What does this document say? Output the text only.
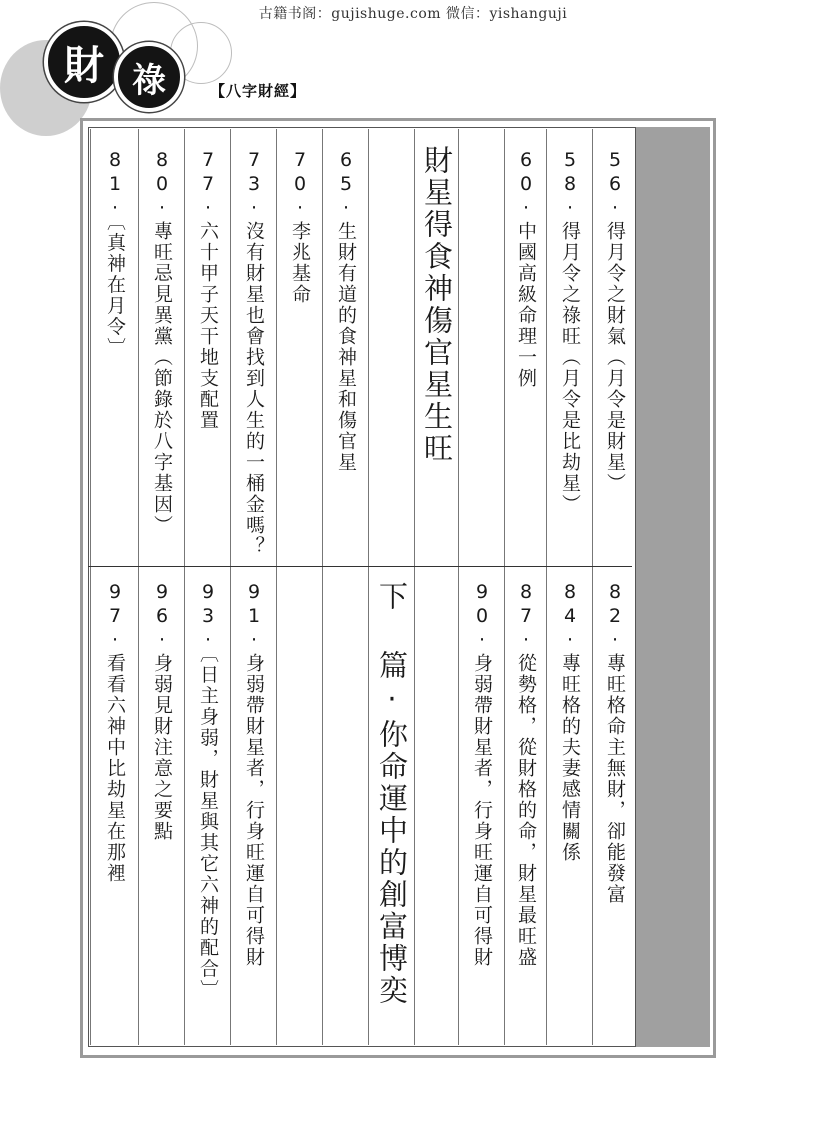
古籍书阁：gujishuge.com 微信：yishanguji
財 祿	【八字財經】
56·得月令之財氣（月令是財星）
82·專旺格命主無財，卻能發富
58·得月令之祿旺（月令是比劫星）
84·專旺格的夫妻感情關係
60·中國高級命理一例
87·從勢格，從財格的命，財星最旺盛
90·身弱帶財星者，行身旺運自可得財
財星得食神傷官星生旺
下 篇·你命運中的創富博奕
65·生財有道的食神星和傷官星
70·李兆基命
73·沒有財星也會找到人生的一桶金嗎？
91·身弱帶財星者，行身旺運自可得財
77·六十甲子天干地支配置
93·〔日主身弱，財星與其它六神的配合〕
80·專旺忌見異黨（節錄於八字基因）
96·身弱見財注意之要點
81·〔真神在月令〕
97·看看六神中比劫星在那裡
